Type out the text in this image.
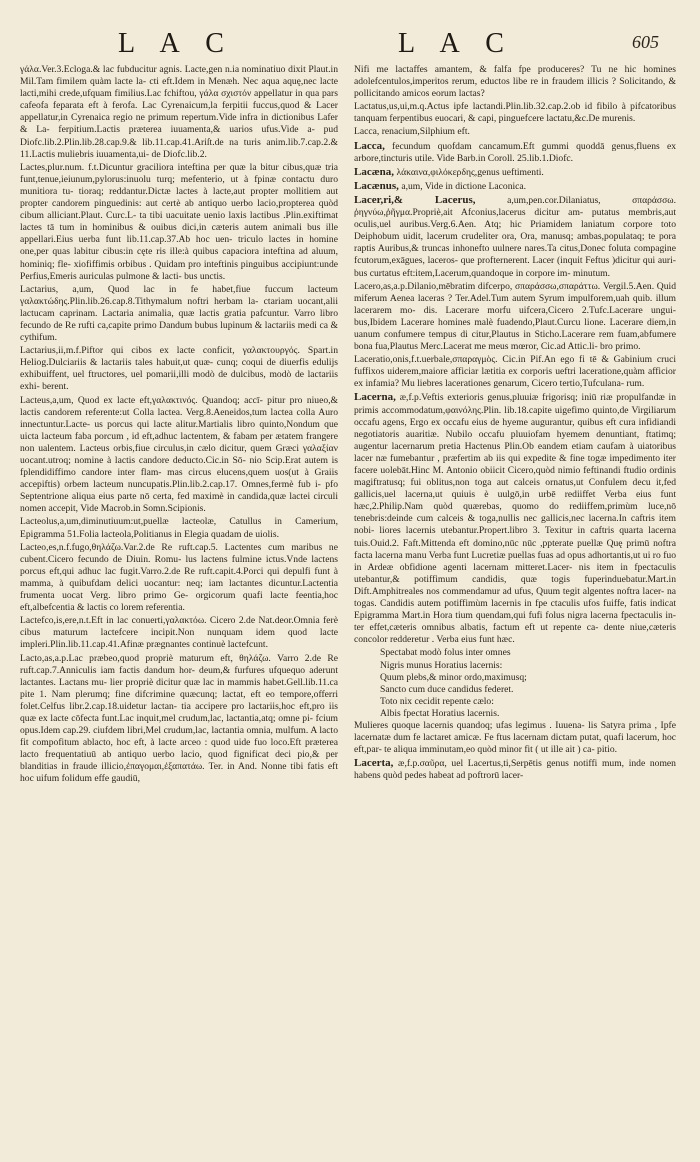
L A C	L A C	605

γάλα.Ver.3.Ecloga.& lac fubducitur agnis. Lacte,gen n.ia nominatiuo dixit Plaut.in Mil.Tam fimilem quàm lacte la- cti eft.Idem in Menæh. Nec aqua aquę,nec lacte lacti,mihi crede,ufquam fimilius.Lac fchiftou, γάλα σχιστόν appellatur in qua pars cafeofa feparata eft à ferofa. Lac Cyrenaicum,la ferpitii fuccus,quod & Lacer appellatur,in Cyrenaica regio ne primum repertum.Vide infra in dictionibus Lafer & La- ferpitium.Lactis præterea iuuamenta,& uarios ufus.Vide a- pud Diofc.lib.2.Plin.lib.28.cap.9.& lib.11.cap.41.Ariſt.de na turis anim.lib.7.cap.2.& 11.Lactis muliebris iuuamenta,ui- de Diofc.lib.2.

Lactes,plur.num. f.t.Dicuntur graciliora inteftina per quæ la bitur cibus,quæ tria funt,tenue,ieiunum,pylorus:inuolu turq; mefenterio, ut à fpinæ contactu duro munitiora tu- tioraq; reddantur.Dictæ lactes à lacte,aut propter mollitiem aut propter candorem pinguedinis: aut certè ab antiquo uerbo lacio,propterea quòd cibum alliciant.Plaut. Curc.L- ta tibi uacuitate uenio laxis lactibus .Plin.exiftimat lactes tā tum in hominibus & ouibus dici,in cæteris autem animali bus ille appellari.Eius uerba funt lib.11.cap.37.Ab hoc uen- triculo lactes in homine one,per quas labitur cibus:in cęte ris ille:à quibus capaciora inteftina ad aluum, hominiq; fle- xiofiffimis orbibus . Quidam pro inteftinis pinguibus accipiunt:unde Perfius,Emeris auriculas pulmone & lacti- bus unctis.

Lactarius, a,um, Quod lac in fe habet,fiue fuccum lacteum γαλακτώδης.Plin.lib.26.cap.8.Tithymalum noftri herbam la- ctariam uocant,alii lactucam caprinam. Lactaria animalia, quæ lactis gratia pafcuntur. Varro libro fecundo de Re rufti ca,capite primo Dandum bubus lupinum & lactariis medi ca & cythifum.

Lactarius,ii,m.f.Piftor qui cibos ex lacte conficit, γαλακτουργός. Spart.in Heliog.Dulciariis & lactariis tales habuit,ut quæ- cunq; coqui de diuerfis edulijs exhibuiffent, uel ftructores, uel pomarii,illi modò de dulcibus, modò de lactariis exhi- berent.

Lacteus,a,um, Quod ex lacte eft,γαλακτινός. Quandoq; accī- pitur pro niueo,& lactis candorem referente:ut Colla lactea. Verg.8.Aeneidos,tum lactea colla Auro innectuntur.Lacte- us porcus qui lacte alitur.Martialis libro quinto,Nondum que uicta lacteum faba porcum , id eft,adhuc lactentem, & fabam per ætatem frangere non ualentem. Lacteus orbis,fiue circulus,in cælo dicitur, quem Græci γαλαξίαν uocant.utroq; nomine à lactis candore deducto.Cic.in Sō- nio Scip.Erat autem is fplendidiffimo candore inter flam- mas circus elucens,quem uos(ut à Graiis accepiftis) orbem lacteum nuncupatis.Plin.lib.2.cap.17. Omnes,fermè fub i- pfo Septentrione aliqua eius parte nō certa, fed maximè in candida,quæ lactei circuli nomen accepit, Vide Macrob.in Somn.Scipionis.

Lacteolus,a,um,diminutiuum:ut,puellæ lacteolæ, Catullus in Camerium, Epigramma 51.Folia lacteola,Politianus in Elegia quadam de uiolis.

Lacteo,es,n.f.fugo,θηλάζω.Var.2.de Re ruft.cap.5. Lactentes cum maribus ne cubent.Cicero fecundo de Diuin. Romu- lus lactens fulmine ictus.Vnde lactens porcus eft,qui adhuc lac fugit.Varro.2.de Re ruft.capit.4.Porci qui depulfi funt à mamma, à quibufdam delici uocantur: neq; iam lactantes dicuntur.Lactentia frumenta uocat Verg. libro primo Ge- orgicorum quafi lacte feentia,hoc eft,albefcentia & lactis co lorem referentia.

Lactefco,is,ere,n.t.Eft in lac conuerti,γαλακτόω. Cicero 2.de Nat.deor.Omnia ferè cibus maturum lactefcere incipit.Non nunquam idem quod lacte impleri.Plin.lib.11.cap.41.Afinæ prægnantes continuè lactefcunt.

Lacto,as,a.p.Lac præbeo,quod propriè maturum eft, θηλάζω. Varro 2.de Re ruft.cap.7.Anniculis iam factis dandum hor- deum,& furfures ufquequo aderunt lactantes. Lactans mu- lier propriè dicitur quæ lac in mammis habet.Gell.lib.11.ca pite 1. Nam plerumq; fine difcrimine quæcunq; lactat, eft eo tempore,offerri folet.Celfus libr.2.cap.18.uidetur lactan- tia accipere pro lactariis,hoc eft,pro iis quæ ex lacte cōfecta funt.Lac inquit,mel crudum,lac, lactantia,atq; omne pi- fcium opus.Idem cap.29. ciufdem libri,Mel crudum,lac, lactantia omnia, mulfum. A lacto fit compofitum ablacto, hoc eft, à lacte arceo : quod uide fuo loco.Eft præterea lacto frequentatiuū ab antiquo uerbo lacio, quod fignificat deci pio,& per blanditias in fraude illicio,ἐπαγομαι,ἐξαπατάω. Ter. in And. Nonne tibi fatis eft hoc uifum folidum effe gaudiū,

Nifi me lactaffes amantem, & falfa fpe produceres? Tu ne hic homines adolefcentulos,imperitos rerum, eductos libe re in fraudem illicis ? Solicitando, & pollicitando amicos eorum lactas?

Lactatus,us,ui,m.q.Actus ipfe lactandi.Plin.lib.32.cap.2.ob id fibilo à pifcatoribus tanquam ferpentibus euocari, & capi, pinguefcere lactatu,&c.De murenis.

Lacca, renacium,Silphium eft.

Lacca, fecundum quofdam cancamum.Eft gummi quoddā genus,fluens ex arbore,tincturis utile. Vide Barb.in Coroll. 25.lib.1.Diofc.

Lacæna, λάκαινα,φιλόκερδης,genus ueftimenti.

Lacænus, a,um, Vide in dictione Laconica.

Lacer,ri,& Lacerus,	a,um,pen.cor.Dilaniatus, σπαράσσω. ῥηγνύω,ῥῆγμα.Propriè,ait Afconius,lacerus dicitur am- putatus membris,aut oculis,uel auribus.Verg.6.Aen. Atq; hic Priamidem laniatum corpore toto Deiphobum uidit, lacerum crudeliter ora, Ora, manusq; ambas,populataq; te pora raptis Auribus,& truncas inhonefto uulnere nares.Ta citus,Donec foluta compagine fcutorum,exāgues, laceros- que profternerent. Lacer (inquit Feftus )dicitur qui auri- bus curtatus eft:item,Lacerum,quandoque in corpore im- minutum.

Lacero,as,a.p.Dilanio,mēbratim difcerpo, σπαράσσω,σπαράττω. Vergil.5.Aen. Quid miferum Aenea laceras ? Ter.Adel.Tum autem Syrum impulforem,uah quib. illum lacerarem mo- dis. Lacerare morfu uifcera,Cicero 2.Tufc.Lacerare ungui- bus,Ibidem Lacerare homines malè fuadendo,Plaut.Curcu lione. Lacerare diem,in uanum confumere tempus di citur,Plautus in Sticho.Lacerare rem fuam,abfumere bona fua,Plautus Merc.Lacerat me meus mœror, Cic.ad Attic.li- bro primo.

Laceratio,onis,f.t.uerbale,σπαραγμὸς. Cic.in Pif.An ego fi tē & Gabinium cruci fuffixos uiderem,maiore afficiar lætitia ex corporis ueftri laceratione,quàm afficior ex infamia? Mu liebres lacerationes genarum, Cicero tertio,Tufculana- rum.

Lacerna, æ,f.p.Veftis exterioris genus,pluuiæ frigorisq; iniū riæ propulfandæ in primis accommodatum,φαινόλης.Plin. lib.18.capite uigefimo quinto,de Virgiliarum occafu agens, Ergo ex occafu eius de hyeme augurantur, quibus eft cura infidiandi negotiatoris auaritiæ. Nubilo occafu pluuiofam hyemem denuntiant, ftatimq; augentur lacernarum pretia Hactenus Plin.Ob eandem etiam caufam à uiatoribus lacer næ fumebantur , præfertim ab iis qui expedite & fine togæ impedimento iter facere uolebāt.Hinc M. Antonio obiicit Cicero,quòd nimio feftinandi ftudio ordinis magiftratusq; fui oblitus,non toga aut calceis ornatus,ut Confulem decu it,fed gallicis,uel lacerna,ut quiuis è uulgō,in urbē rediiffet Verba eius funt hæc,2.Philip.Nam quòd quærebas, quomo do rediiffem,primùm luce,nō tenebris:deinde cum calceis & toga,nullis nec gallicis,nec lacerna.In caftris item nobi- liores lacernis utebantur.Propert.libro 3. Texitur in caftris quarta lacerna tuis.Ouid.2. Faft.Mittenda eft domino,nūc nūc ,ppterate puellæ Quę primū noftra facta lacerna manu Verba funt Lucretiæ puellas fuas ad opus adhortantis,ut ui ro fuo in Ardeæ obfidione agenti lacernam mitteret.Lacer- nis item in fpectaculis utebantur,& potiffimum candidis, quæ togis fuperinduebatur.Mart.in Dift.Amphitreales nos commendamur ad ufus, Quum tegit algentes noftra lacer- na togas. Candidis autem potiffimùm lacernis in fpe ctaculis ufos fuiffe, fatis indicat Epigramma Mart.in Hora tium quendam,qui fufi folus nigra lacerna fpectaculis in- ter effet,cæteris omnibus albatis, factum eft ut repente ca- dente niue,cæteris concolor redderetur . Verba eius funt hæc.

Spectabat modò folus inter omnes

Nigris munus Horatius lacernis:

Quum plebs,& minor ordo,maximusq;

Sancto cum duce candidus federet.

Toto nix cecidit repente cælo:

Albis fpectat Horatius lacernis.

Mulieres quoque lacernis quandoq; ufas legimus . Iuuena- lis Satyra prima , Ipfe lacernatæ dum fe lactaret amicæ. Fe ftus lacernam dictam putat, quafi lacerum, hoc eft,par- te aliqua imminutam,eo quòd minor fit ( ut ille ait ) ca- pitio.

Lacerta, æ,f.p.σαῦρα, uel Lacertus,ti,Serpētis genus notiffi mum, inde nomen habens quòd pedes habeat ad poftrorū lacer-
